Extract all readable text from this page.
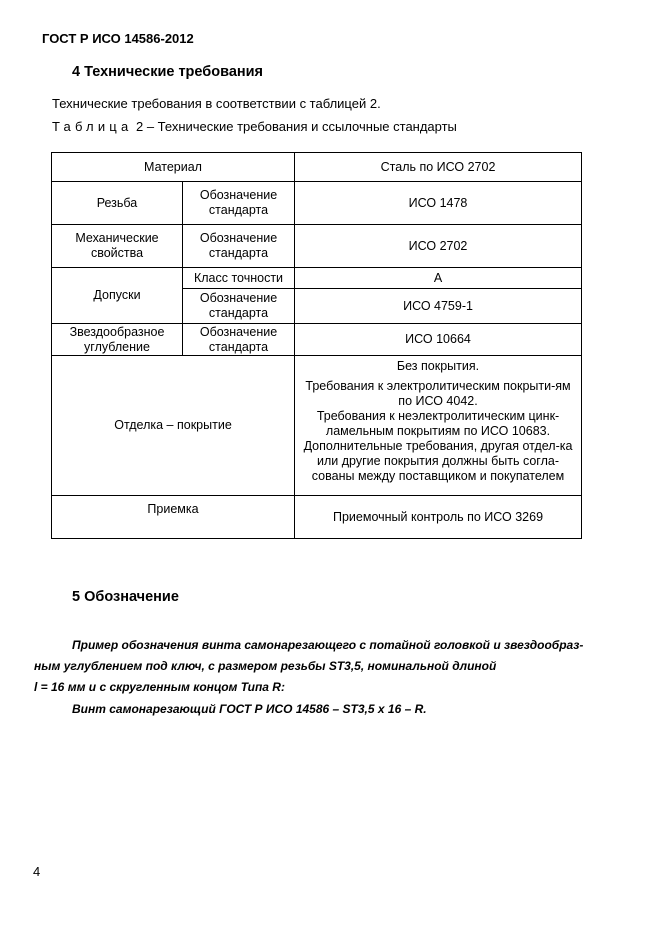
ГОСТ Р ИСО 14586-2012
4 Технические требования
Технические требования в соответствии с таблицей 2.
Таблица 2 – Технические требования и ссылочные стандарты
Материал		Сталь по ИСО 2702
Резьба	Обозначение стандарта	ИСО 1478
Механические свойства	Обозначение стандарта	ИСО 2702
Допуски	Класс точности	A
	Обозначение стандарта	ИСО 4759-1
Звездообразное углубление	Обозначение стандарта	ИСО 10664
Отделка – покрытие		Без покрытия.
Требования к электролитическим покрыти-ям по ИСО 4042.
Требования к неэлектролитическим цинк-ламельным покрытиям по ИСО 10683.
Дополнительные требования, другая отдел-ка или другие покрытия должны быть согла-сованы между поставщиком и покупателем

Приемка		Приемочный контроль по ИСО 3269
5 Обозначение
Пример обозначения винта самонарезающего с потайной головкой и звездообраз-
ным углублением под ключ, с размером резьбы ST3,5, номинальной длиной
l = 16 мм и с скругленным концом Типа R:
Винт самонарезающий ГОСТ Р ИСО 14586 – ST3,5 x 16 – R.
4
